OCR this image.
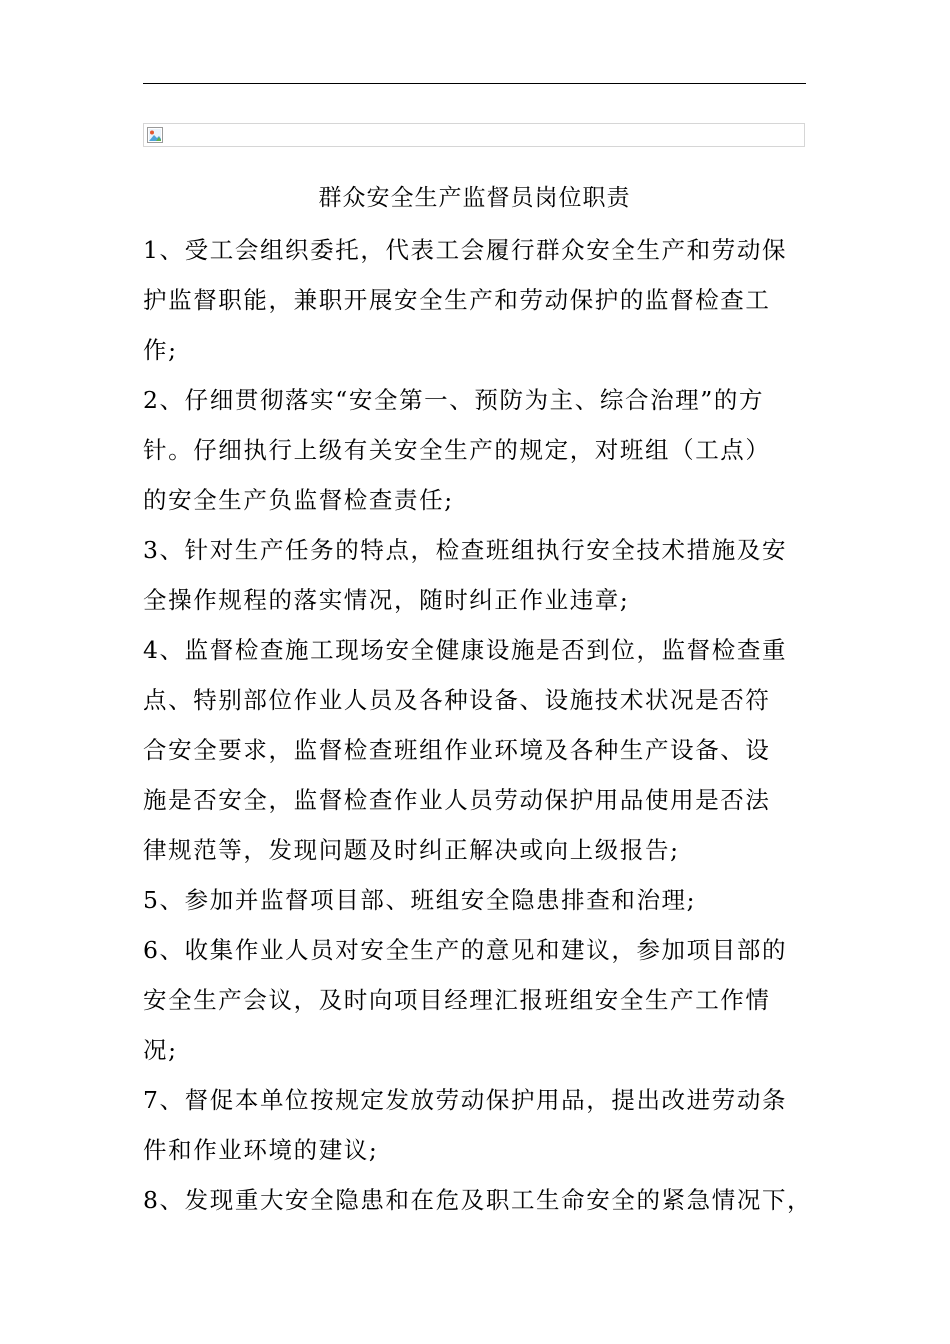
群众安全生产监督员岗位职责
1、受工会组织委托，代表工会履行群众安全生产和劳动保
护监督职能，兼职开展安全生产和劳动保护的监督检查工
作;
2、仔细贯彻落实“安全第一、预防为主、综合治理”的方
针。仔细执行上级有关安全生产的规定，对班组（工点）
的安全生产负监督检查责任;
3、针对生产任务的特点，检查班组执行安全技术措施及安
全操作规程的落实情况，随时纠正作业违章;
4、监督检查施工现场安全健康设施是否到位，监督检查重
点、特别部位作业人员及各种设备、设施技术状况是否符
合安全要求，监督检查班组作业环境及各种生产设备、设
施是否安全，监督检查作业人员劳动保护用品使用是否法
律规范等，发现问题及时纠正解决或向上级报告;
5、参加并监督项目部、班组安全隐患排查和治理;
6、收集作业人员对安全生产的意见和建议，参加项目部的
安全生产会议，及时向项目经理汇报班组安全生产工作情
况;
7、督促本单位按规定发放劳动保护用品，提出改进劳动条
件和作业环境的建议;
8、发现重大安全隐患和在危及职工生命安全的紧急情况下，
